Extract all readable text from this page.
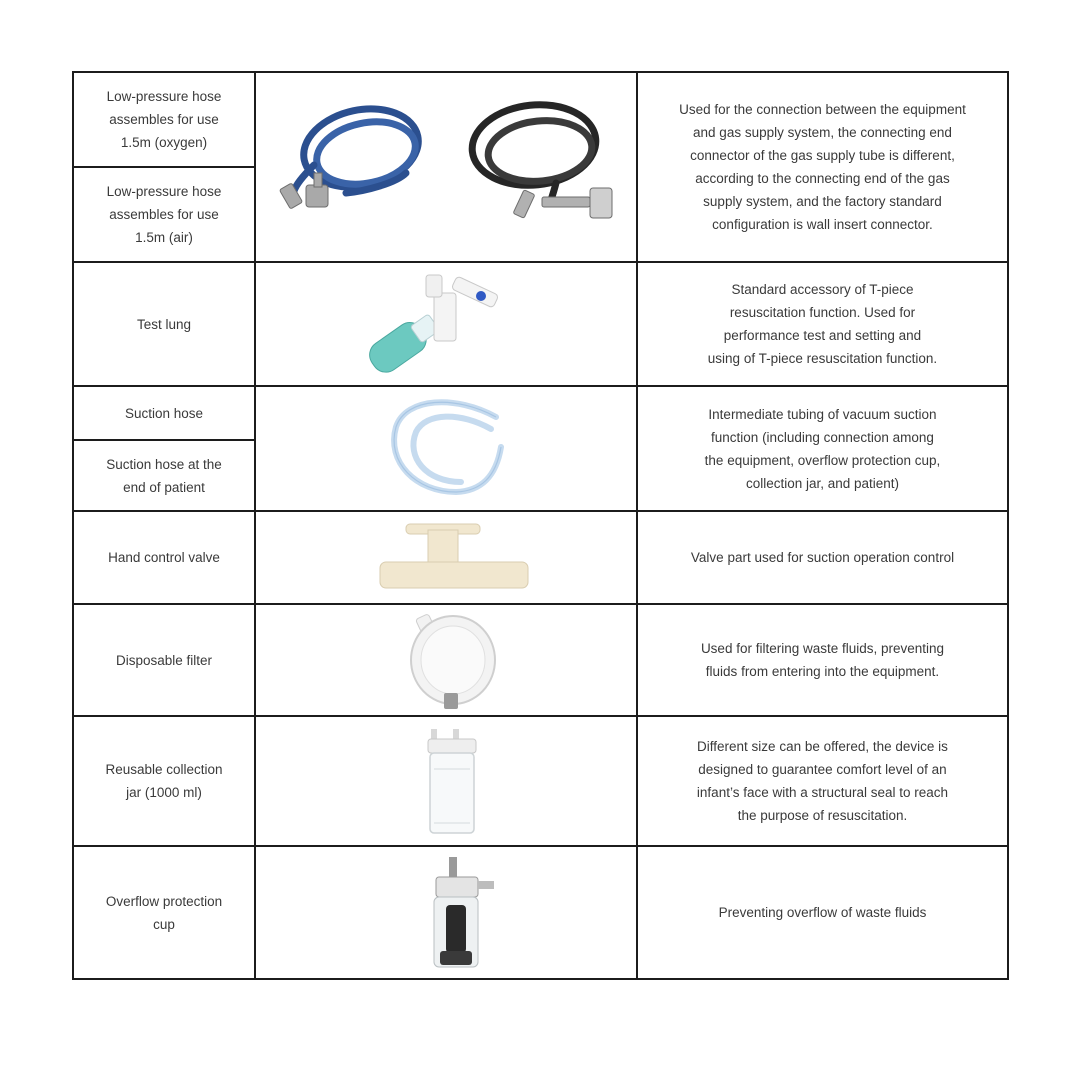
Low-pressure hose
assembles for use
1.5m (oxygen)
Low-pressure hose
assembles for use
1.5m (air)
Used for the connection between the equipment
and gas supply system, the connecting end
connector of the gas supply tube is different,
according to the connecting end of the gas
supply system, and the factory standard
configuration is wall insert connector.
Test lung
Standard accessory of T-piece
resuscitation function. Used for
performance test and setting and
using of T-piece resuscitation function.
Suction hose
Suction hose at the
end of patient
Intermediate tubing of vacuum suction
function (including connection among
the equipment, overflow protection cup,
collection jar, and patient)
Hand control valve	Valve part used for suction operation control
Disposable filter
Used for filtering waste fluids, preventing
fluids from entering into the equipment.
Reusable collection
jar (1000 ml)
Different size can be offered, the device is
designed to guarantee comfort level of an
infant’s face with a structural seal to reach
the purpose of resuscitation.
Overflow protection
cup
Preventing overflow of waste fluids
